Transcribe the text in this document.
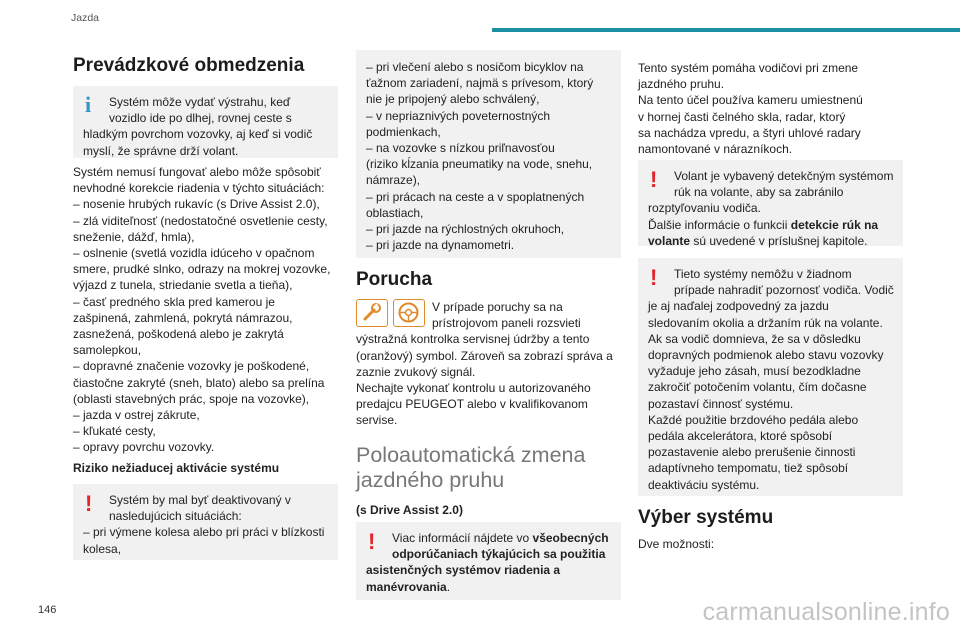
Jazda
Prevádzkové obmedzenia
i	Systém môže vydať výstrahu, keď
vozidlo ide po dlhej, rovnej ceste s
hladkým povrchom vozovky, aj keď si vodič
myslí, že správne drží volant.
Systém nemusí fungovať alebo môže spôsobiť
nevhodné korekcie riadenia v týchto situáciách:
– nosenie hrubých rukavíc (s Drive Assist 2.0),
– zlá viditeľnosť (nedostatočné osvetlenie cesty,
sneženie, dážď, hmla),
– oslnenie (svetlá vozidla idúceho v opačnom
smere, prudké slnko, odrazy na mokrej vozovke,
výjazd z tunela, striedanie svetla a tieňa),
– časť predného skla pred kamerou je
zašpinená, zahmlená, pokrytá námrazou,
zasnežená, poškodená alebo je zakrytá
samolepkou,
– dopravné značenie vozovky je poškodené,
čiastočne zakryté (sneh, blato) alebo sa prelína
(oblasti stavebných prác, spoje na vozovke),
– jazda v ostrej zákrute,
– kľukaté cesty,
– opravy povrchu vozovky.
Riziko nežiaducej aktivácie systému
!	Systém by mal byť deaktivovaný v
nasledujúcich situáciách:
– pri výmene kolesa alebo pri práci v blízkosti
kolesa,
– pri vlečení alebo s nosičom bicyklov na
ťažnom zariadení, najmä s prívesom, ktorý
nie je pripojený alebo schválený,
– v nepriaznivých poveternostných
podmienkach,
– na vozovke s nízkou priľnavosťou
(riziko kĺzania pneumatiky na vode, snehu,
námraze),
– pri prácach na ceste a v spoplatnených
oblastiach,
– pri jazde na rýchlostných okruhoch,
– pri jazde na dynamometri.
Porucha
V prípade poruchy sa na
prístrojovom paneli rozsvieti
výstražná kontrolka servisnej údržby a tento
(oranžový) symbol. Zároveň sa zobrazí správa a
zaznie zvukový signál.
Nechajte vykonať kontrolu u autorizovaného
predajcu PEUGEOT alebo v kvalifikovanom
servise.
Poloautomatická zmena
jazdného pruhu
(s Drive Assist 2.0)
!	Viac informácií nájdete vo všeobecných
odporúčaniach týkajúcich sa použitia
asistenčných systémov riadenia a
manévrovania.
Tento systém pomáha vodičovi pri zmene
jazdného pruhu.
Na tento účel používa kameru umiestnenú
v hornej časti čelného skla, radar, ktorý
sa nachádza vpredu, a štyri uhlové radary
namontované v nárazníkoch.
!	Volant je vybavený detekčným systémom
rúk na volante, aby sa zabránilo
rozptyľovaniu vodiča.
Ďalšie informácie o funkcii detekcie rúk na
volante sú uvedené v príslušnej kapitole.
!	Tieto systémy nemôžu v žiadnom
prípade nahradiť pozornosť vodiča. Vodič
je aj naďalej zodpovedný za jazdu
sledovaním okolia a držaním rúk na volante.
Ak sa vodič domnieva, že sa v dôsledku
dopravných podmienok alebo stavu vozovky
vyžaduje jeho zásah, musí bezodkladne
zakročiť potočením volantu, čím dočasne
pozastaví činnosť systému.
Každé použitie brzdového pedála alebo
pedála akcelerátora, ktoré spôsobí
pozastavenie alebo prerušenie činnosti
adaptívneho tempomatu, tiež spôsobí
deaktiváciu systému.
Výber systému
Dve možnosti:
146	carmanualsonline.info
